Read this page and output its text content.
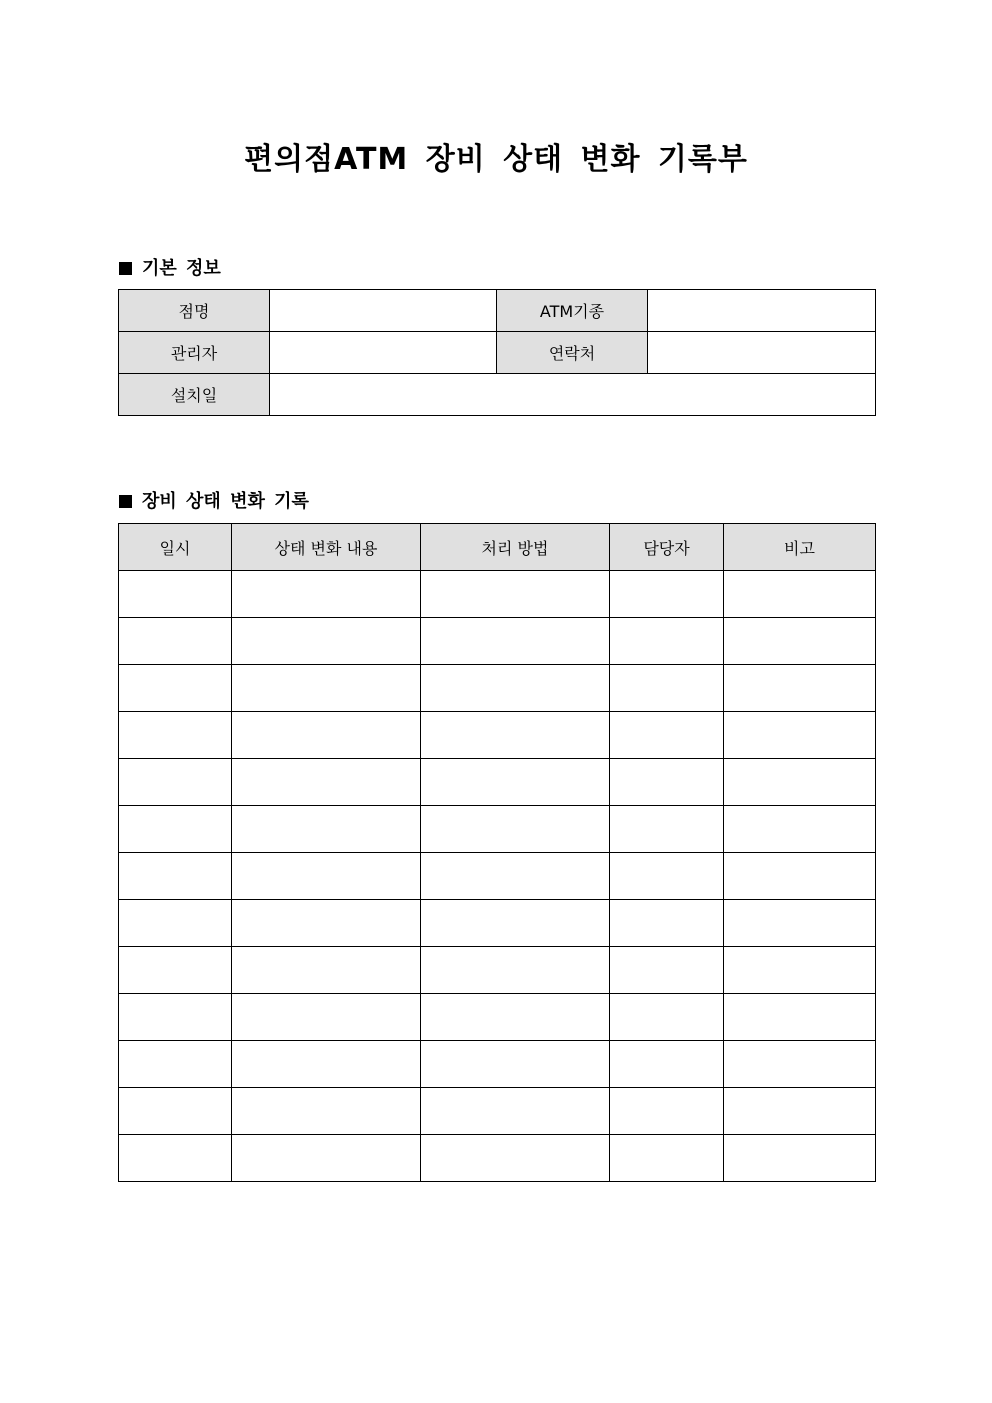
편의점ATM 장비 상태 변화 기록부
기본 정보
점명		ATM기종	
관리자		연락처	
설치일			
장비 상태 변화 기록
일시	상태 변화 내용	처리 방법	담당자	비고
